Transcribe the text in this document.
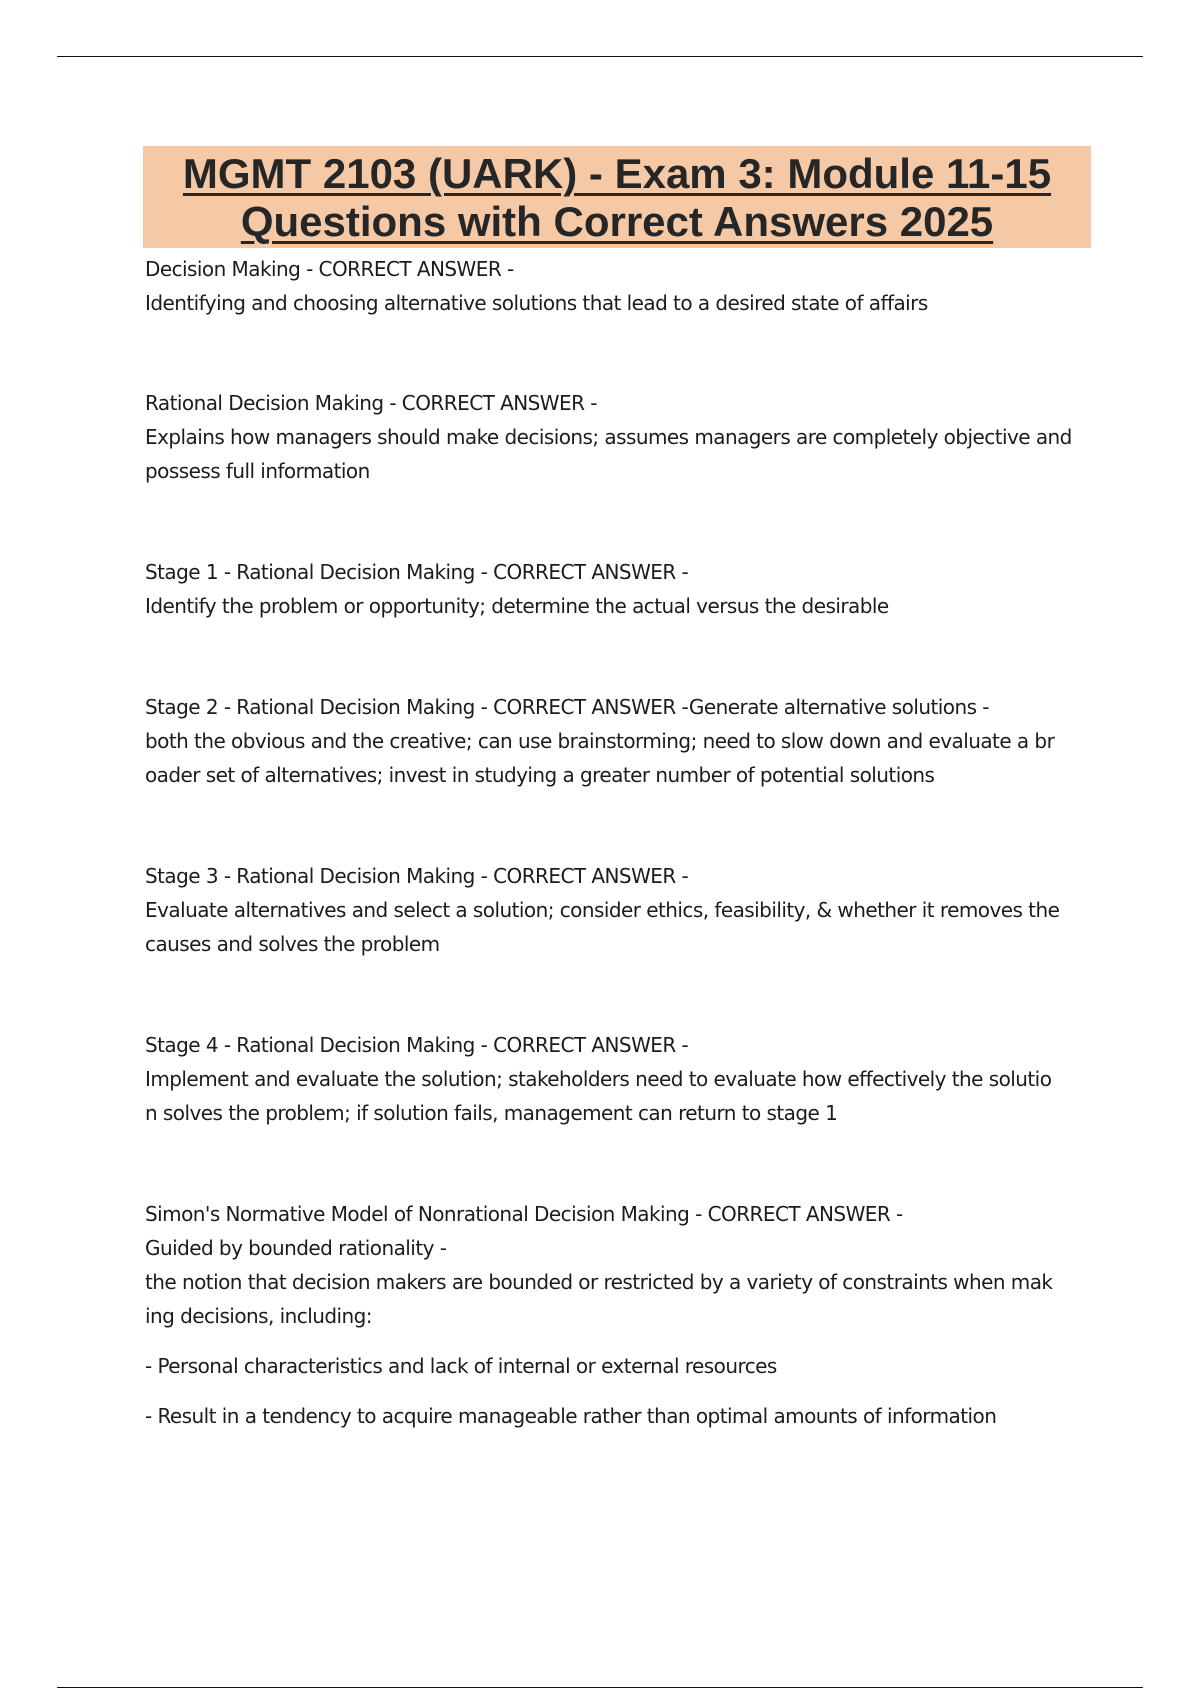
MGMT 2103 (UARK) - Exam 3: Module 11-15
Questions with Correct Answers 2025

Decision Making - CORRECT ANSWER -

Identifying and choosing alternative solutions that lead to a desired state of affairs

Rational Decision Making - CORRECT ANSWER -

Explains how managers should make decisions; assumes managers are completely objective and

possess full information

Stage 1 - Rational Decision Making - CORRECT ANSWER -

Identify the problem or opportunity; determine the actual versus the desirable

Stage 2 - Rational Decision Making - CORRECT ANSWER -Generate alternative solutions -

both the obvious and the creative; can use brainstorming; need to slow down and evaluate a br

oader set of alternatives; invest in studying a greater number of potential solutions

Stage 3 - Rational Decision Making - CORRECT ANSWER -

Evaluate alternatives and select a solution; consider ethics, feasibility, & whether it removes the

causes and solves the problem

Stage 4 - Rational Decision Making - CORRECT ANSWER -

Implement and evaluate the solution; stakeholders need to evaluate how effectively the solutio

n solves the problem; if solution fails, management can return to stage 1

Simon's Normative Model of Nonrational Decision Making - CORRECT ANSWER -

Guided by bounded rationality -

the notion that decision makers are bounded or restricted by a variety of constraints when mak

ing decisions, including:

- Personal characteristics and lack of internal or external resources

- Result in a tendency to acquire manageable rather than optimal amounts of information
